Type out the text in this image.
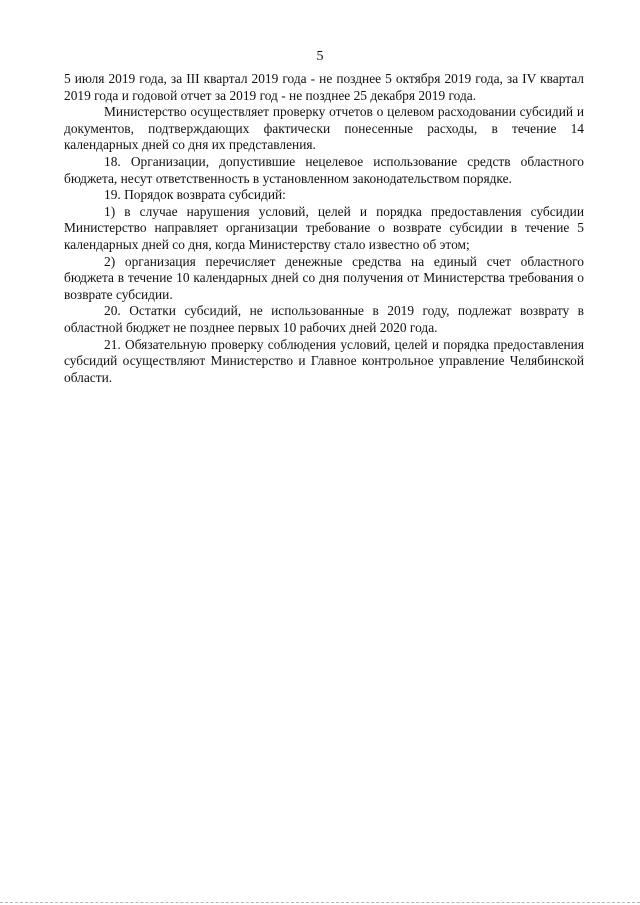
5

5 июля 2019 года, за III квартал 2019 года - не позднее 5 октября 2019 года, за IV квартал 2019 года и годовой отчет за 2019 год - не позднее 25 декабря 2019 года.

Министерство осуществляет проверку отчетов о целевом расходовании субсидий и документов, подтверждающих фактически понесенные расходы, в течение 14 календарных дней со дня их представления.

18. Организации, допустившие нецелевое использование средств областного бюджета, несут ответственность в установленном законодательством порядке.

19. Порядок возврата субсидий:

1) в случае нарушения условий, целей и порядка предоставления субсидии Министерство направляет организации требование о возврате субсидии в течение 5 календарных дней со дня, когда Министерству стало известно об этом;

2) организация перечисляет денежные средства на единый счет областного бюджета в течение 10 календарных дней со дня получения от Министерства требования о возврате субсидии.

20. Остатки субсидий, не использованные в 2019 году, подлежат возврату в областной бюджет не позднее первых 10 рабочих дней 2020 года.

21. Обязательную проверку соблюдения условий, целей и порядка предоставления субсидий осуществляют Министерство и Главное контрольное управление Челябинской области.
